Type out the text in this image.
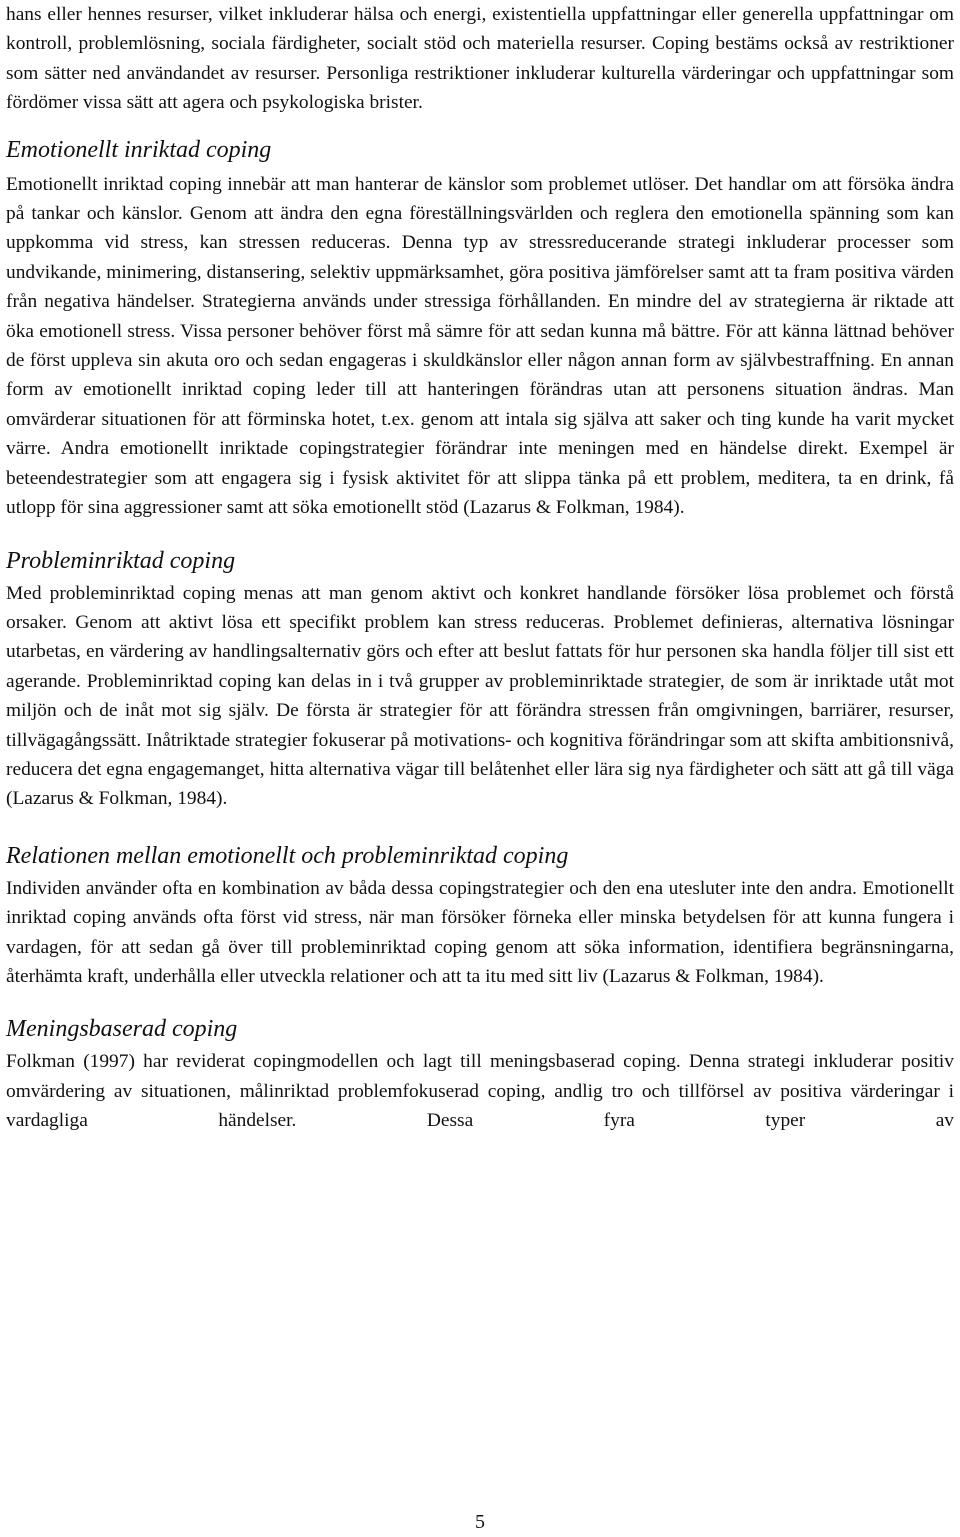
hans eller hennes resurser, vilket inkluderar hälsa och energi, existentiella uppfattningar eller generella uppfattningar om kontroll, problemlösning, sociala färdigheter, socialt stöd och materiella resurser. Coping bestäms också av restriktioner som sätter ned användandet av resurser. Personliga restriktioner inkluderar kulturella värderingar och uppfattningar som fördömer vissa sätt att agera och psykologiska brister.

Emotionellt inriktad coping

Emotionellt inriktad coping innebär att man hanterar de känslor som problemet utlöser. Det handlar om att försöka ändra på tankar och känslor. Genom att ändra den egna föreställningsvärlden och reglera den emotionella spänning som kan uppkomma vid stress, kan stressen reduceras. Denna typ av stressreducerande strategi inkluderar processer som undvikande, minimering, distansering, selektiv uppmärksamhet, göra positiva jämförelser samt att ta fram positiva värden från negativa händelser. Strategierna används under stressiga förhållanden. En mindre del av strategierna är riktade att öka emotionell stress. Vissa personer behöver först må sämre för att sedan kunna må bättre. För att känna lättnad behöver de först uppleva sin akuta oro och sedan engageras i skuldkänslor eller någon annan form av självbestraffning. En annan form av emotionellt inriktad coping leder till att hanteringen förändras utan att personens situation ändras. Man omvärderar situationen för att förminska hotet, t.ex. genom att intala sig själva att saker och ting kunde ha varit mycket värre. Andra emotionellt inriktade copingstrategier förändrar inte meningen med en händelse direkt. Exempel är beteendestrategier som att engagera sig i fysisk aktivitet för att slippa tänka på ett problem, meditera, ta en drink, få utlopp för sina aggressioner samt att söka emotionellt stöd (Lazarus & Folkman, 1984).

Probleminriktad coping

Med probleminriktad coping menas att man genom aktivt och konkret handlande försöker lösa problemet och förstå orsaker. Genom att aktivt lösa ett specifikt problem kan stress reduceras. Problemet definieras, alternativa lösningar utarbetas, en värdering av handlingsalternativ görs och efter att beslut fattats för hur personen ska handla följer till sist ett agerande. Probleminriktad coping kan delas in i två grupper av probleminriktade strategier, de som är inriktade utåt mot miljön och de inåt mot sig själv. De första är strategier för att förändra stressen från omgivningen, barriärer, resurser, tillvägagångssätt. Inåtriktade strategier fokuserar på motivations- och kognitiva förändringar som att skifta ambitionsnivå, reducera det egna engagemanget, hitta alternativa vägar till belåtenhet eller lära sig nya färdigheter och sätt att gå till väga (Lazarus & Folkman, 1984).

Relationen mellan emotionellt och probleminriktad coping

Individen använder ofta en kombination av båda dessa copingstrategier och den ena utesluter inte den andra. Emotionellt inriktad coping används ofta först vid stress, när man försöker förneka eller minska betydelsen för att kunna fungera i vardagen, för att sedan gå över till probleminriktad coping genom att söka information, identifiera begränsningarna, återhämta kraft, underhålla eller utveckla relationer och att ta itu med sitt liv (Lazarus & Folkman, 1984).

Meningsbaserad coping

Folkman (1997) har reviderat copingmodellen och lagt till meningsbaserad coping. Denna strategi inkluderar positiv omvärdering av situationen, målinriktad problemfokuserad coping, andlig tro och tillförsel av positiva värderingar i vardagliga händelser. Dessa fyra typer av

5
